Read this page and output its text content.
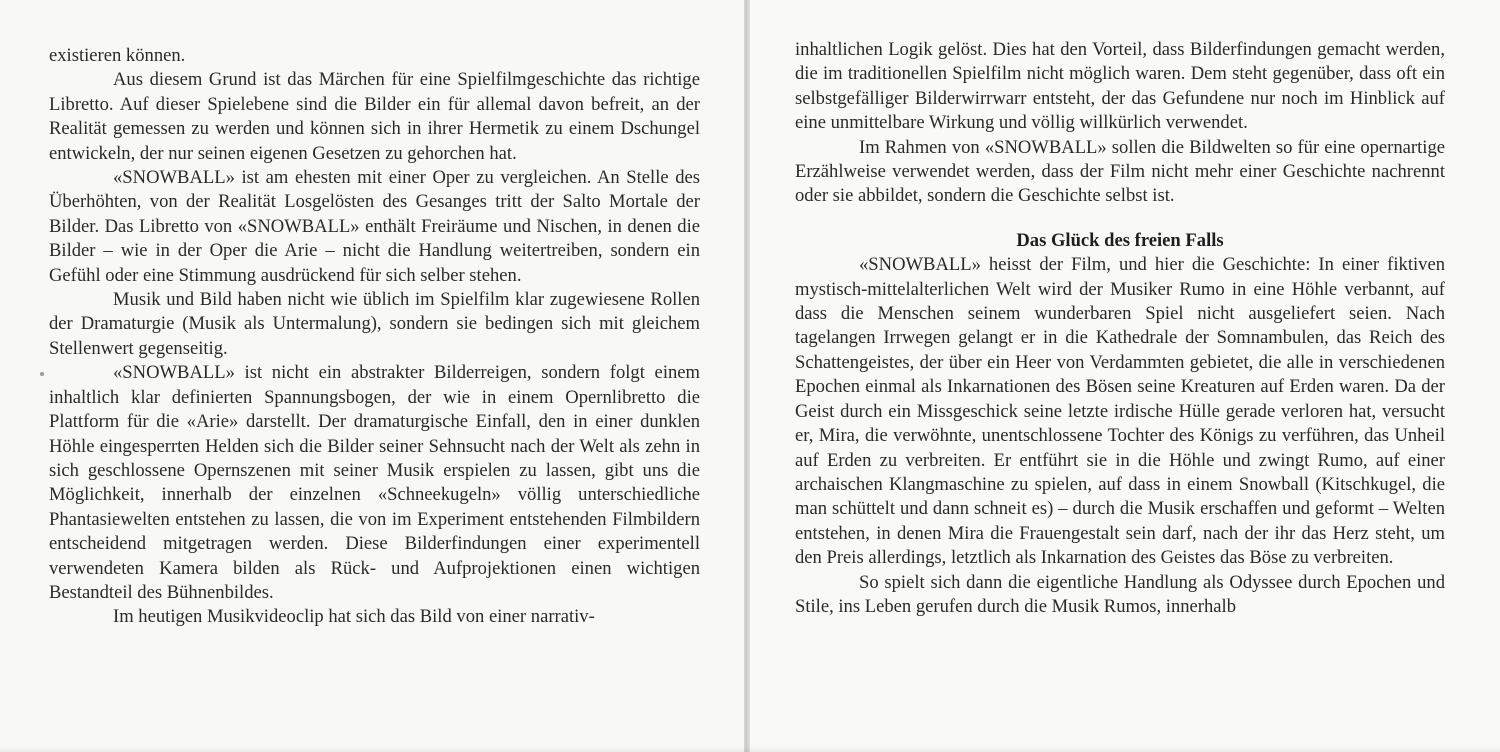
existieren können.

Aus diesem Grund ist das Märchen für eine Spielfilmgeschichte das richtige Libretto. Auf dieser Spielebene sind die Bilder ein für allemal davon befreit, an der Realität gemessen zu werden und können sich in ihrer Hermetik zu einem Dschungel entwickeln, der nur seinen eigenen Gesetzen zu gehorchen hat.

«SNOWBALL» ist am ehesten mit einer Oper zu vergleichen. An Stelle des Überhöhten, von der Realität Losgelösten des Gesanges tritt der Salto Mortale der Bilder. Das Libretto von «SNOWBALL» enthält Freiräume und Nischen, in denen die Bilder – wie in der Oper die Arie – nicht die Handlung weitertreiben, sondern ein Gefühl oder eine Stimmung ausdrückend für sich selber stehen.

Musik und Bild haben nicht wie üblich im Spielfilm klar zugewiesene Rollen der Dramaturgie (Musik als Untermalung), sondern sie bedingen sich mit gleichem Stellenwert gegenseitig.

«SNOWBALL» ist nicht ein abstrakter Bilderreigen, sondern folgt einem inhaltlich klar definierten Spannungsbogen, der wie in einem Opernlibretto die Plattform für die «Arie» darstellt. Der dramaturgische Einfall, den in einer dunklen Höhle eingesperrten Helden sich die Bilder seiner Sehnsucht nach der Welt als zehn in sich geschlossene Opernszenen mit seiner Musik erspielen zu lassen, gibt uns die Möglichkeit, innerhalb der einzelnen «Schneekugeln» völlig unterschiedliche Phantasiewelten entstehen zu lassen, die von im Experiment entstehenden Filmbildern entscheidend mitgetragen werden. Diese Bilderfindungen einer experimentell verwendeten Kamera bilden als Rück- und Aufprojektionen einen wichtigen Bestandteil des Bühnenbildes.

Im heutigen Musikvideoclip hat sich das Bild von einer narrativ-

inhaltlichen Logik gelöst. Dies hat den Vorteil, dass Bilderfindungen gemacht werden, die im traditionellen Spielfilm nicht möglich waren. Dem steht gegenüber, dass oft ein selbstgefälliger Bilderwirrwarr entsteht, der das Gefundene nur noch im Hinblick auf eine unmittelbare Wirkung und völlig willkürlich verwendet.

Im Rahmen von «SNOWBALL» sollen die Bildwelten so für eine opernartige Erzählweise verwendet werden, dass der Film nicht mehr einer Geschichte nachrennt oder sie abbildet, sondern die Geschichte selbst ist.

Das Glück des freien Falls

«SNOWBALL» heisst der Film, und hier die Geschichte: In einer fiktiven mystisch-mittelalterlichen Welt wird der Musiker Rumo in eine Höhle verbannt, auf dass die Menschen seinem wunderbaren Spiel nicht ausgeliefert seien. Nach tagelangen Irrwegen gelangt er in die Kathedrale der Somnambulen, das Reich des Schattengeistes, der über ein Heer von Verdammten gebietet, die alle in verschiedenen Epochen einmal als Inkarnationen des Bösen seine Kreaturen auf Erden waren. Da der Geist durch ein Missgeschick seine letzte irdische Hülle gerade verloren hat, versucht er, Mira, die verwöhnte, unentschlossene Tochter des Königs zu verführen, das Unheil auf Erden zu verbreiten. Er entführt sie in die Höhle und zwingt Rumo, auf einer archaischen Klangmaschine zu spielen, auf dass in einem Snowball (Kitschkugel, die man schüttelt und dann schneit es) – durch die Musik erschaffen und geformt – Welten entstehen, in denen Mira die Frauengestalt sein darf, nach der ihr das Herz steht, um den Preis allerdings, letztlich als Inkarnation des Geistes das Böse zu verbreiten.

So spielt sich dann die eigentliche Handlung als Odyssee durch Epochen und Stile, ins Leben gerufen durch die Musik Rumos, innerhalb
